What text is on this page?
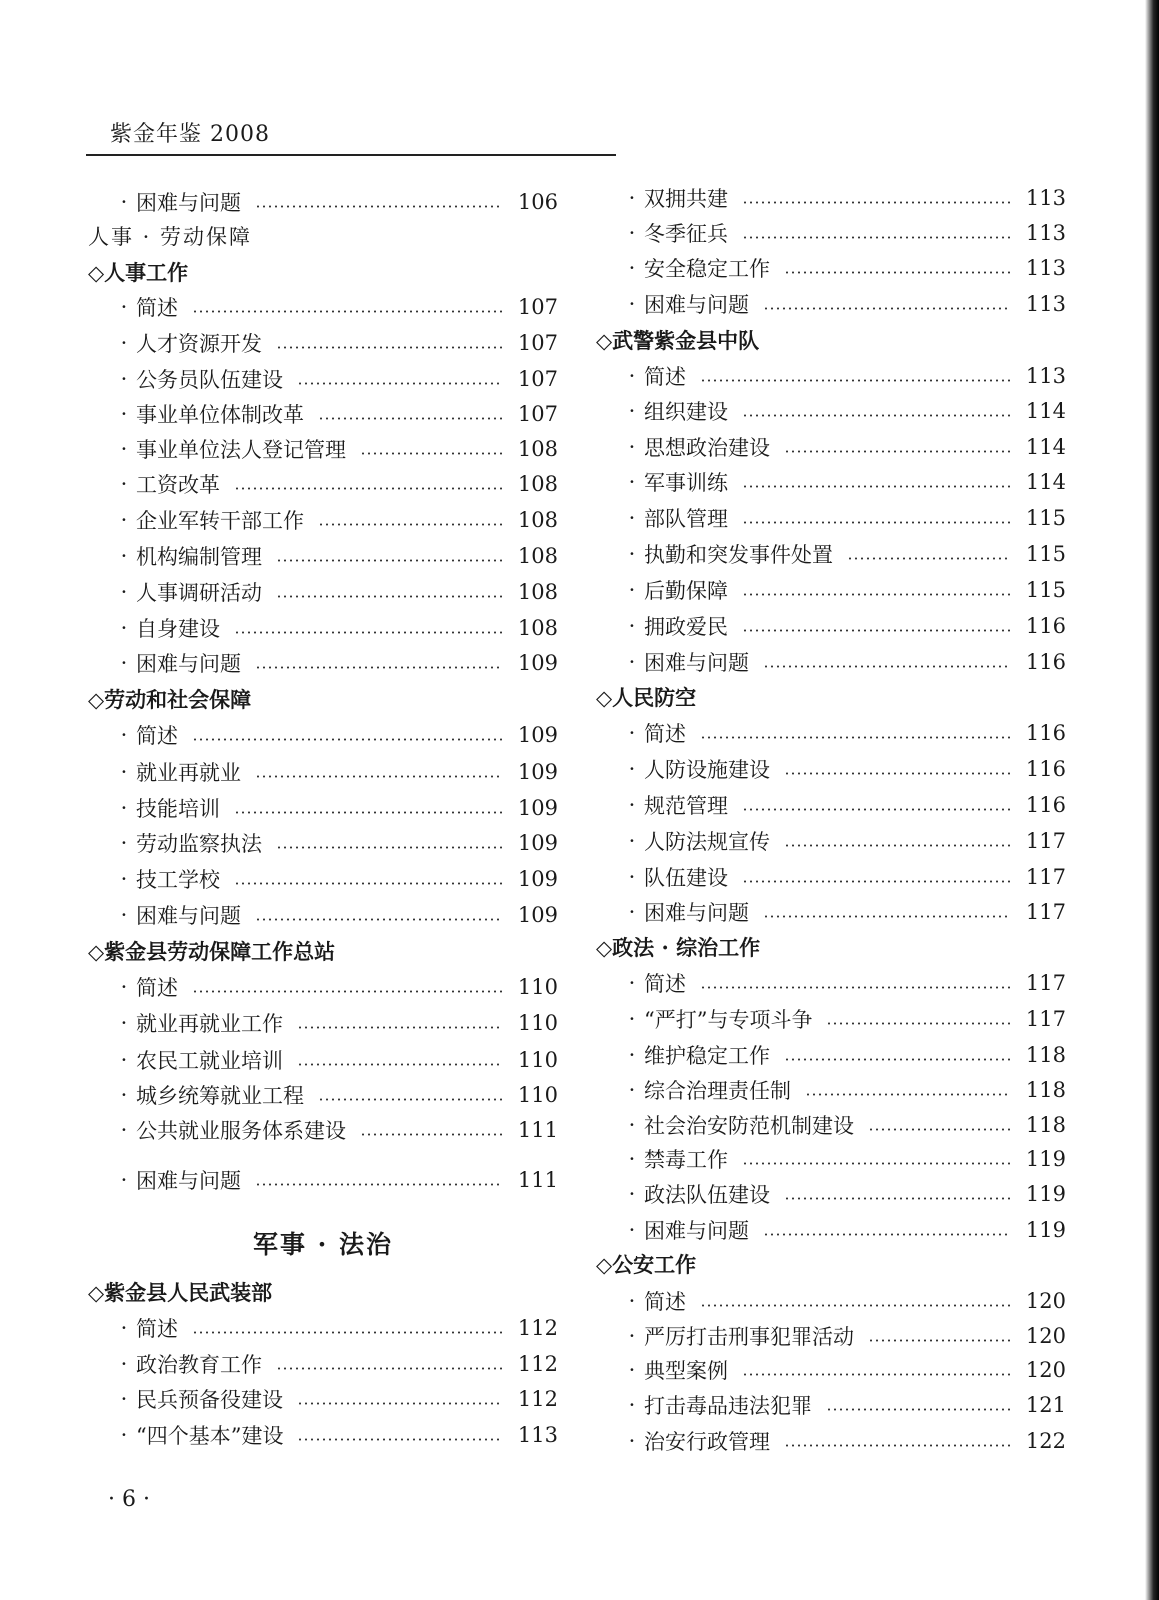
紫金年鉴 2008
· 困难与问题	106
人事 · 劳动保障
◇人事工作
· 简述	107
· 人才资源开发	107
· 公务员队伍建设	107
· 事业单位体制改革	107
· 事业单位法人登记管理	108
· 工资改革	108
· 企业军转干部工作	108
· 机构编制管理	108
· 人事调研活动	108
· 自身建设	108
· 困难与问题	109
◇劳动和社会保障
· 简述	109
· 就业再就业	109
· 技能培训	109
· 劳动监察执法	109
· 技工学校	109
· 困难与问题	109
◇紫金县劳动保障工作总站
· 简述	110
· 就业再就业工作	110
· 农民工就业培训	110
· 城乡统筹就业工程	110
· 公共就业服务体系建设	111
· 困难与问题	111
军事 · 法治
◇紫金县人民武装部
· 简述	112
· 政治教育工作	112
· 民兵预备役建设	112
· “四个基本”建设	113
· 双拥共建	113
· 冬季征兵	113
· 安全稳定工作	113
· 困难与问题	113
◇武警紫金县中队
· 简述	113
· 组织建设	114
· 思想政治建设	114
· 军事训练	114
· 部队管理	115
· 执勤和突发事件处置	115
· 后勤保障	115
· 拥政爱民	116
· 困难与问题	116
◇人民防空
· 简述	116
· 人防设施建设	116
· 规范管理	116
· 人防法规宣传	117
· 队伍建设	117
· 困难与问题	117
◇政法 · 综治工作
· 简述	117
· “严打”与专项斗争	117
· 维护稳定工作	118
· 综合治理责任制	118
· 社会治安防范机制建设	118
· 禁毒工作	119
· 政法队伍建设	119
· 困难与问题	119
◇公安工作
· 简述	120
· 严厉打击刑事犯罪活动	120
· 典型案例	120
· 打击毒品违法犯罪	121
· 治安行政管理	122
· 6 ·
